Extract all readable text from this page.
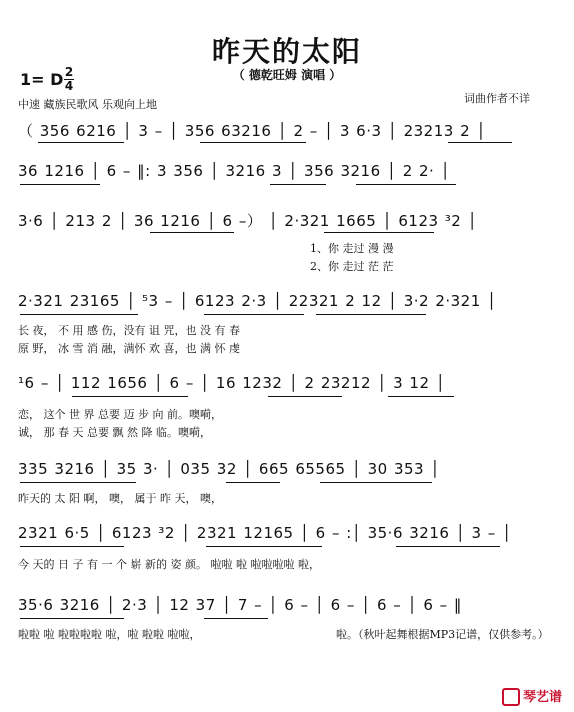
昨天的太阳
（ 德乾旺姆 演唱 ）
1= D 2
4
中速 藏族民歌风 乐观向上地	词曲作者不详
（ 356 6216 │ 3 – │ 356 63216 │ 2 – │ 3 6·3 │ 23213 2 │
36 1216 │ 6 – ‖: 3 356 │ 3216 3 │ 356 3216 │ 2 2· │
3·6 │ 213 2 │ 36 1216 │ 6 –） │ 2·321 1665 │ 6123 ³2 │
1、你 走过 漫 漫
2、你 走过 茫 茫
2·321 23165 │ ⁵3 – │ 6123 2·3 │ 22321 2 12 │ 3·2 2·321 │
长 夜， 不 用 感 伤，没有 诅 咒，也 没 有 春
原 野， 冰 雪 消 融，满怀 欢 喜，也 满 怀 虔
¹6 – │ 112 1656 │ 6 – │ 16 1232 │ 2 23212 │ 3 12 │
恋， 这个 世 界 总要 迈 步 向 前。噢嗬，
诚， 那 春 天 总要 飘 然 降 临。噢嗬，
335 3216 │ 35 3· │ 035 32 │ 665 65565 │ 30 353 │
昨天的 太 阳 啊， 噢， 属于 昨 天， 噢，
2321 6·5 │ 6123 ³2 │ 2321 12165 │ 6 – :│ 35·6 3216 │ 3 – │
今 天的 日 子 有 一 个 崭 新的 姿 颜。 啦啦 啦 啦啦啦啦 啦，
35·6 3216 │ 2·3 │ 12 37 │ 7 – │ 6 – │ 6 – │ 6 – │ 6 – ‖
啦啦 啦 啦啦啦啦 啦，啦 啦啦 啦啦，	啦。（秋叶起舞根据MP3记谱，仅供参考。）
琴艺谱
